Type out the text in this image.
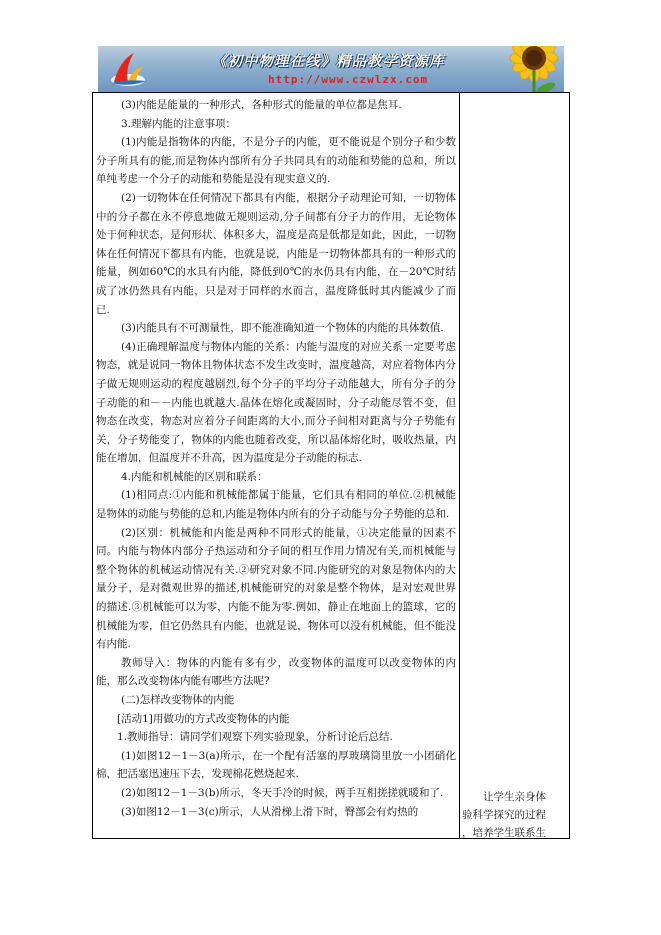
《初中物理在线》精品教学资源库
http://www.czwlzx.com
(3)内能是能量的一种形式，各种形式的能量的单位都是焦耳.
3.理解内能的注意事项：
(1)内能是指物体的内能，不是分子的内能，更不能说是个别分子和少数分子所具有的能,而是物体内部所有分子共同具有的动能和势能的总和，所以单纯考虑一个分子的动能和势能是没有现实意义的.
(2)一切物体在任何情况下都具有内能，根据分子动理论可知，一切物体中的分子都在永不停息地做无规则运动,分子间都有分子力的作用，无论物体处于何种状态，是何形状、体积多大，温度是高是低都是如此，因此，一切物体在任何情况下都具有内能，也就是说，内能是一切物体都具有的一种形式的能量，例如60℃的水具有内能，降低到0℃的水仍具有内能，在－20℃时结成了冰仍然具有内能，只是对于同样的水而言，温度降低时其内能减少了而已.
(3)内能具有不可测量性，即不能准确知道一个物体的内能的具体数值.
(4)正确理解温度与物体内能的关系：内能与温度的对应关系一定要考虑物态，就是说同一物体且物体状态不发生改变时，温度越高，对应着物体内分子做无规则运动的程度越剧烈,每个分子的平均分子动能越大，所有分子的分子动能的和－－内能也就越大.晶体在熔化或凝固时，分子动能尽管不变，但物态在改变，物态对应着分子间距离的大小,而分子间相对距离与分子势能有关，分子势能变了，物体的内能也随着改变，所以晶体熔化时，吸收热量，内能在增加，但温度并不升高，因为温度是分子动能的标志.
4.内能和机械能的区别和联系：
(1)相同点:①内能和机械能都属于能量，它们具有相同的单位.②机械能是物体的动能与势能的总和,内能是物体内所有的分子动能与分子势能的总和.
(2)区别：机械能和内能是两种不同形式的能量，①决定能量的因素不同。内能与物体内部分子热运动和分子间的相互作用力情况有关,而机械能与整个物体的机械运动情况有关.②研究对象不同.内能研究的对象是物体内的大量分子，是对微观世界的描述,机械能研究的对象是整个物体，是对宏观世界的描述.③机械能可以为零，内能不能为零.例如，静止在地面上的篮球，它的机械能为零，但它仍然具有内能，也就是说，物体可以没有机械能，但不能没有内能.
教师导入：物体的内能有多有少，改变物体的温度可以改变物体的内能，那么改变物体内能有哪些方法呢?
(二)怎样改变物体的内能
[活动1]用做功的方式改变物体的内能
1.教师指导：请同学们观察下列实验现象，分析讨论后总结.
(1)如图12－1－3(a)所示，在一个配有活塞的厚玻璃筒里放一小团硝化棉，把活塞迅速压下去，发现棉花燃烧起来.
(2)如图12－1－3(b)所示，冬天手冷的时候，两手互相搓搓就暖和了.
(3)如图12－1－3(c)所示，人从滑梯上滑下时，臀部会有灼热的

让学生亲身体

验科学探究的过程

，培养学生联系生
